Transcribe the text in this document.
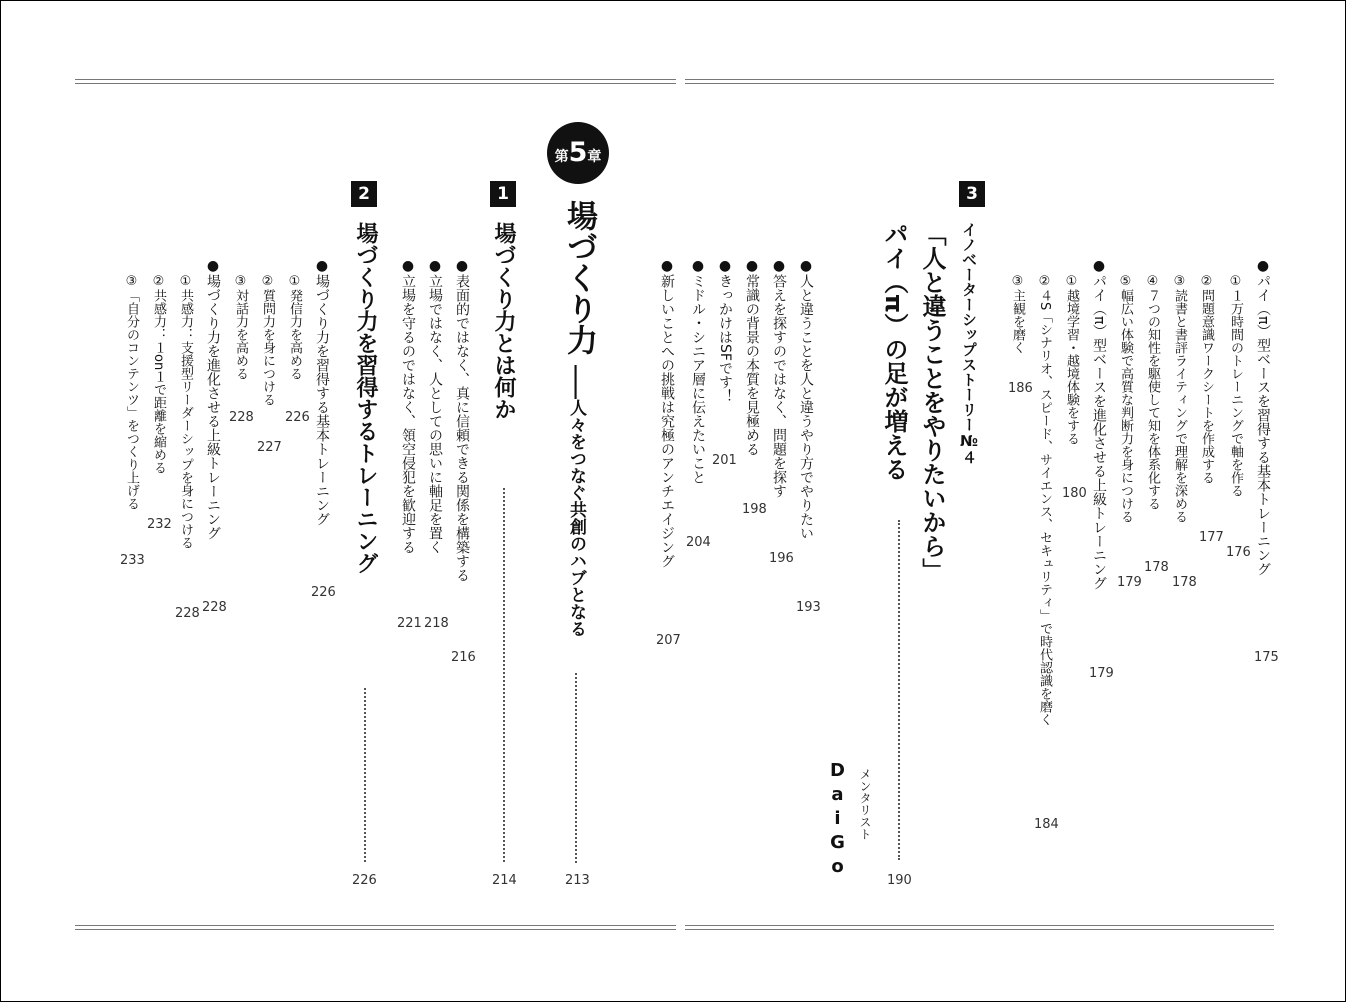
●パイ（π）型ベースを習得する基本トレーニング
175
①１万時間のトレーニングで軸を作る
176
②問題意識ワークシートを作成する
177
③読書と書評ライティングで理解を深める
178
④７つの知性を駆使して知を体系化する
178
⑤幅広い体験で高質な判断力を身につける
179
●パイ（π）型ベースを進化させる上級トレーニング
179
①越境学習・越境体験をする
180
②４S「シナリオ、スピード、サイエンス、セキュリティ」で時代認識を磨く
184
③主観を磨く
186
3
イノベーターシップストーリー№４
「人と違うことをやりたいから」
パイ（π）の足が増える
190
メンタリスト
DaiGo
●人と違うことを人と違うやり方でやりたい
193
●答えを探すのではなく、問題を探す
196
●常識の背景の本質を見極める
198
●きっかけはSFです！
201
●ミドル・シニア層に伝えたいこと
204
●新しいことへの挑戦は究極のアンチエイジング
207
第5章
場づくり力
――人々をつなぐ共創のハブとなる
213
1
場づくり力とは何か
214
●表面的ではなく、真に信頼できる関係を構築する
216
●立場ではなく、人としての思いに軸足を置く
218
●立場を守るのではなく、領空侵犯を歓迎する
221
2
場づくり力を習得するトレーニング
226
●場づくり力を習得する基本トレーニング
226
①発信力を高める
226
②質問力を身につける
227
③対話力を高める
228
●場づくり力を進化させる上級トレーニング
228
①共感力：支援型リーダーシップを身につける
228
②共感力：１on１で距離を縮める
232
③「自分のコンテンツ」をつくり上げる
233
